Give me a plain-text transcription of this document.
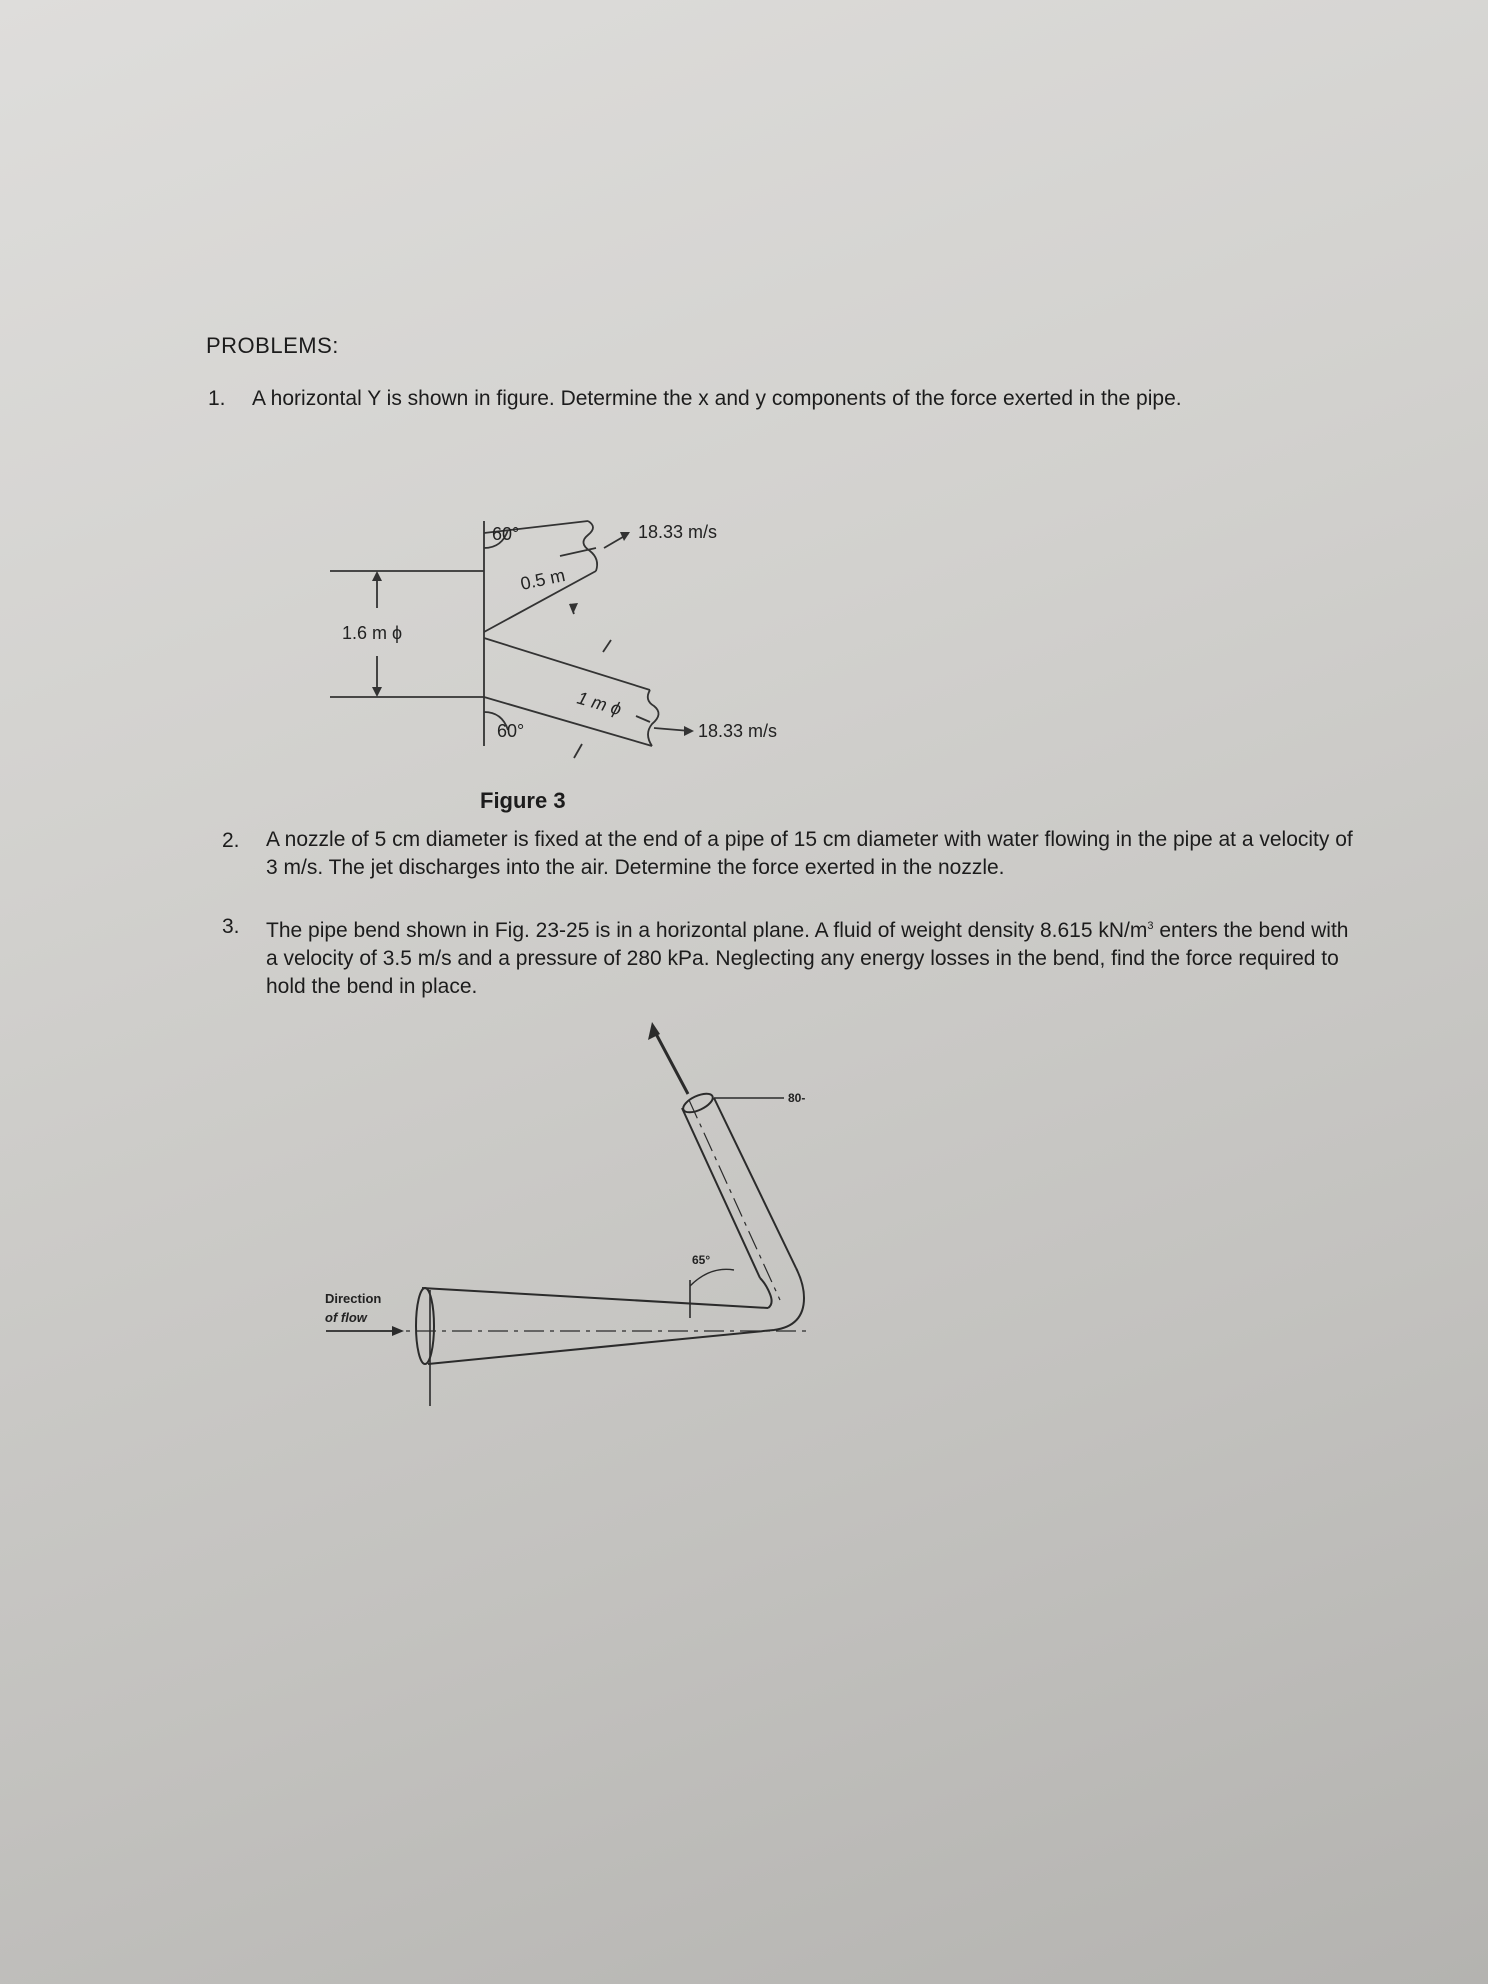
PROBLEMS:
1.	A horizontal Y is shown in figure. Determine the x and y components of the force exerted in the pipe.
60°
60°
0.5 m
1 m ϕ
1.6 m ϕ
18.33 m/s
18.33 m/s
Figure 3
2.	A nozzle of 5 cm diameter is fixed at the end of a pipe of 15 cm diameter with water flowing in the pipe at a velocity of 3 m/s. The jet discharges into the air. Determine the force exerted in the nozzle.
3.	The pipe bend shown in Fig. 23-25 is in a horizontal plane. A fluid of weight density 8.615 $kN/m^3$ enters the bend with a velocity of 3.5 m/s and a pressure of 280 kPa. Neglecting any energy losses in the bend, find the force required to hold the bend in place.
Direction
of flow
65°
80-
